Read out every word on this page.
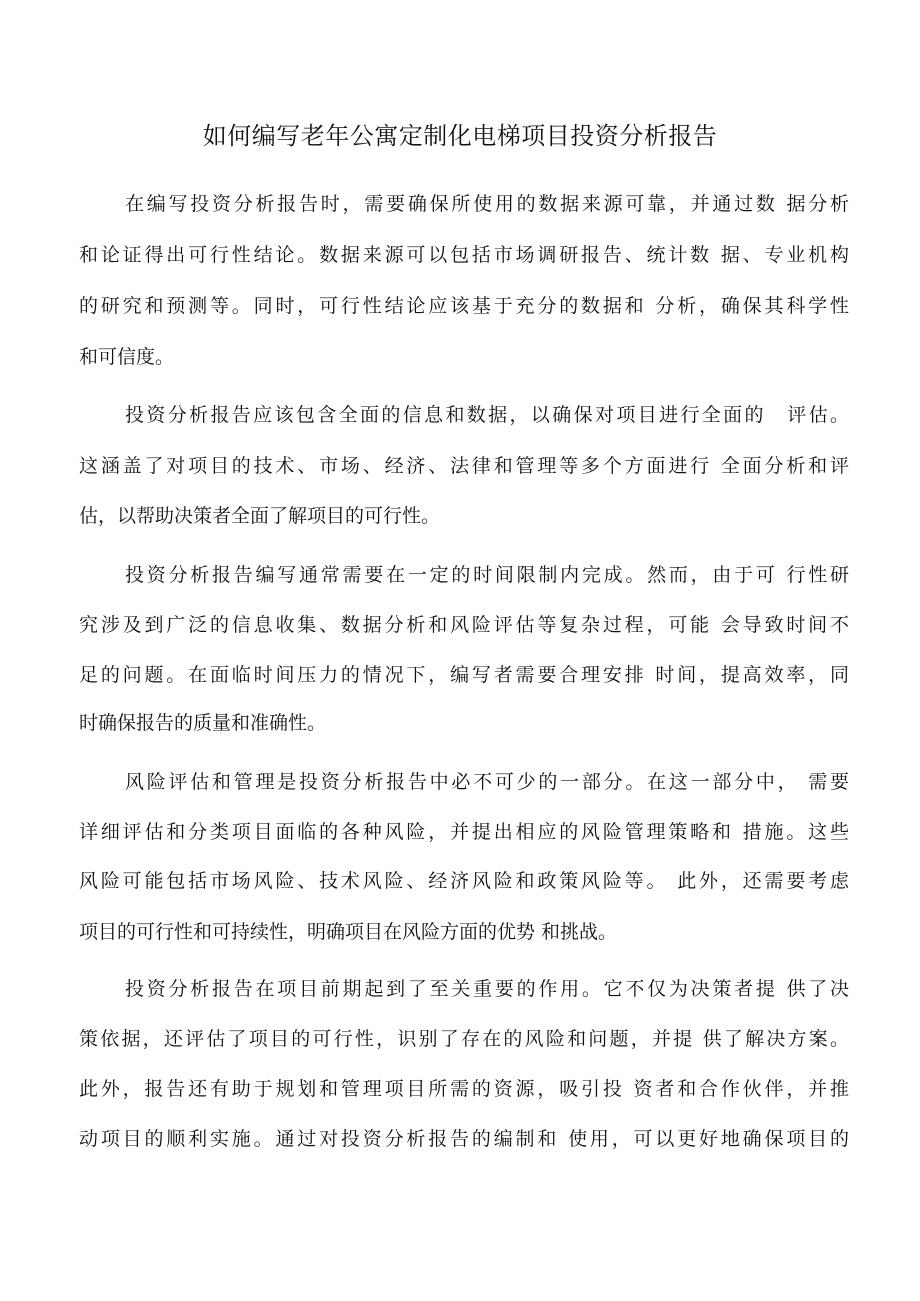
如何编写老年公寓定制化电梯项目投资分析报告

在编写投资分析报告时，需要确保所使用的数据来源可靠，并通过数 据分析

和论证得出可行性结论。数据来源可以包括市场调研报告、统计数 据、专业机构

的研究和预测等。同时，可行性结论应该基于充分的数据和 分析，确保其科学性

和可信度。

投资分析报告应该包含全面的信息和数据，以确保对项目进行全面的　评估。

这涵盖了对项目的技术、市场、经济、法律和管理等多个方面进行 全面分析和评

估，以帮助决策者全面了解项目的可行性。

投资分析报告编写通常需要在一定的时间限制内完成。然而，由于可 行性研

究涉及到广泛的信息收集、数据分析和风险评估等复杂过程，可能 会导致时间不

足的问题。在面临时间压力的情况下，编写者需要合理安排 时间，提高效率，同

时确保报告的质量和准确性。

风险评估和管理是投资分析报告中必不可少的一部分。在这一部分中， 需要

详细评估和分类项目面临的各种风险，并提出相应的风险管理策略和 措施。这些

风险可能包括市场风险、技术风险、经济风险和政策风险等。 此外，还需要考虑

项目的可行性和可持续性，明确项目在风险方面的优势 和挑战。

投资分析报告在项目前期起到了至关重要的作用。它不仅为决策者提 供了决

策依据，还评估了项目的可行性，识别了存在的风险和问题，并提 供了解决方案。

此外，报告还有助于规划和管理项目所需的资源，吸引投 资者和合作伙伴，并推

动项目的顺利实施。通过对投资分析报告的编制和 使用，可以更好地确保项目的
